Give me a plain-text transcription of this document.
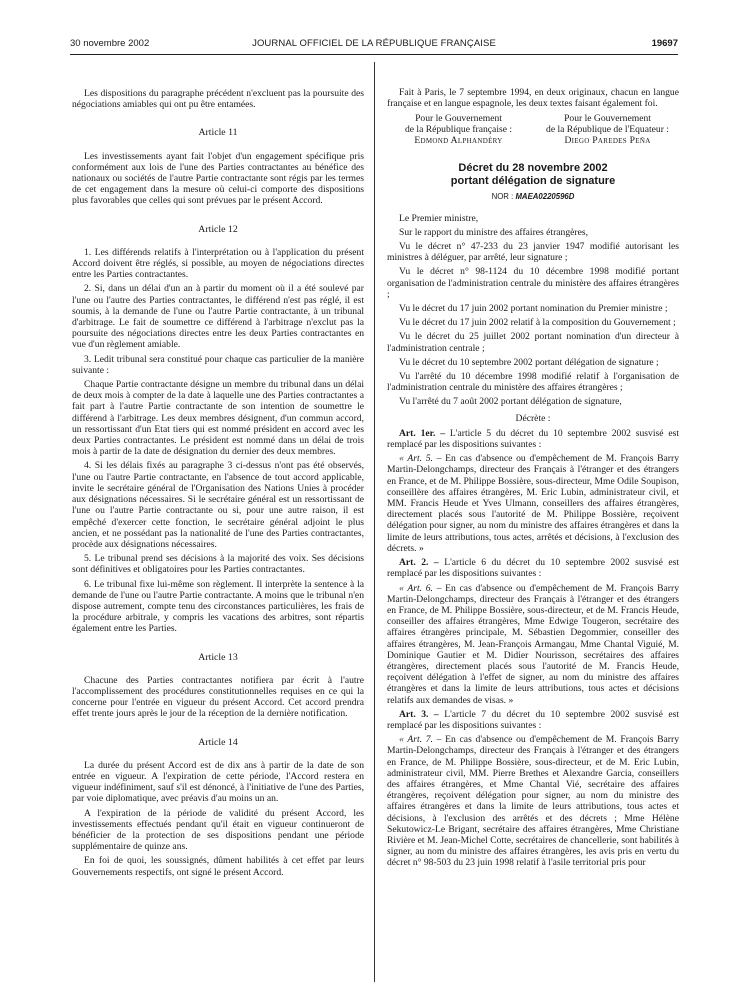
30 novembre 2002	JOURNAL OFFICIEL DE LA RÉPUBLIQUE FRANÇAISE	19697

Les dispositions du paragraphe précédent n'excluent pas la poursuite des négociations amiables qui ont pu être entamées.

Article 11

Les investissements ayant fait l'objet d'un engagement spécifique pris conformément aux lois de l'une des Parties contractantes au bénéfice des nationaux ou sociétés de l'autre Partie contractante sont régis par les termes de cet engagement dans la mesure où celui-ci comporte des dispositions plus favorables que celles qui sont prévues par le présent Accord.

Article 12

1. Les différends relatifs à l'interprétation ou à l'application du présent Accord doivent être réglés, si possible, au moyen de négociations directes entre les Parties contractantes.

2. Si, dans un délai d'un an à partir du moment où il a été soulevé par l'une ou l'autre des Parties contractantes, le différend n'est pas réglé, il est soumis, à la demande de l'une ou l'autre Partie contractante, à un tribunal d'arbitrage. Le fait de soumettre ce différend à l'arbitrage n'exclut pas la poursuite des négociations directes entre les deux Parties contractantes en vue d'un règlement amiable.

3. Ledit tribunal sera constitué pour chaque cas particulier de la manière suivante :

Chaque Partie contractante désigne un membre du tribunal dans un délai de deux mois à compter de la date à laquelle une des Parties contractantes a fait part à l'autre Partie contractante de son intention de soumettre le différend à l'arbitrage. Les deux membres désignent, d'un commun accord, un ressortissant d'un Etat tiers qui est nommé président en accord avec les deux Parties contractantes. Le président est nommé dans un délai de trois mois à partir de la date de désignation du dernier des deux membres.

4. Si les délais fixés au paragraphe 3 ci-dessus n'ont pas été observés, l'une ou l'autre Partie contractante, en l'absence de tout accord applicable, invite le secrétaire général de l'Organisation des Nations Unies à procéder aux désignations nécessaires. Si le secrétaire général est un ressortissant de l'une ou l'autre Partie contractante ou si, pour une autre raison, il est empêché d'exercer cette fonction, le secrétaire général adjoint le plus ancien, et ne possédant pas la nationalité de l'une des Parties contractantes, procède aux désignations nécessaires.

5. Le tribunal prend ses décisions à la majorité des voix. Ses décisions sont définitives et obligatoires pour les Parties contractantes.

6. Le tribunal fixe lui-même son règlement. Il interprète la sentence à la demande de l'une ou l'autre Partie contractante. A moins que le tribunal n'en dispose autrement, compte tenu des circonstances particulières, les frais de la procédure arbitrale, y compris les vacations des arbitres, sont répartis également entre les Parties.

Article 13

Chacune des Parties contractantes notifiera par écrit à l'autre l'accomplissement des procédures constitutionnelles requises en ce qui la concerne pour l'entrée en vigueur du présent Accord. Cet accord prendra effet trente jours après le jour de la réception de la dernière notification.

Article 14

La durée du présent Accord est de dix ans à partir de la date de son entrée en vigueur. A l'expiration de cette période, l'Accord restera en vigueur indéfiniment, sauf s'il est dénoncé, à l'initiative de l'une des Parties, par voie diplomatique, avec préavis d'au moins un an.

A l'expiration de la période de validité du présent Accord, les investissements effectués pendant qu'il était en vigueur continueront de bénéficier de la protection de ses dispositions pendant une période supplémentaire de quinze ans.

En foi de quoi, les soussignés, dûment habilités à cet effet par leurs Gouvernements respectifs, ont signé le présent Accord.

Fait à Paris, le 7 septembre 1994, en deux originaux, chacun en langue française et en langue espagnole, les deux textes faisant également foi.

Pour le Gouvernement
de la République française :
Edmond Alphandéry
Pour le Gouvernement
de la République de l'Equateur :
Diego Paredes Peña
Décret du 28 novembre 2002
portant délégation de signature
NOR : MAEA0220596D

Le Premier ministre,

Sur le rapport du ministre des affaires étrangères,

Vu le décret n° 47-233 du 23 janvier 1947 modifié autorisant les ministres à déléguer, par arrêté, leur signature ;

Vu le décret n° 98-1124 du 10 décembre 1998 modifié portant organisation de l'administration centrale du ministère des affaires étrangères ;

Vu le décret du 17 juin 2002 portant nomination du Premier ministre ;

Vu le décret du 17 juin 2002 relatif à la composition du Gouvernement ;

Vu le décret du 25 juillet 2002 portant nomination d'un directeur à l'administration centrale ;

Vu le décret du 10 septembre 2002 portant délégation de signature ;

Vu l'arrêté du 10 décembre 1998 modifié relatif à l'organisation de l'administration centrale du ministère des affaires étrangères ;

Vu l'arrêté du 7 août 2002 portant délégation de signature,

Décrète :

Art. 1er. – L'article 5 du décret du 10 septembre 2002 susvisé est remplacé par les dispositions suivantes :

« Art. 5. – En cas d'absence ou d'empêchement de M. François Barry Martin-Delongchamps, directeur des Français à l'étranger et des étrangers en France, et de M. Philippe Bossière, sous-directeur, Mme Odile Soupison, conseillère des affaires étrangères, M. Eric Lubin, administrateur civil, et MM. Francis Heude et Yves Ulmann, conseillers des affaires étrangères, directement placés sous l'autorité de M. Philippe Bossière, reçoivent délégation pour signer, au nom du ministre des affaires étrangères et dans la limite de leurs attributions, tous actes, arrêtés et décisions, à l'exclusion des décrets. »

Art. 2. – L'article 6 du décret du 10 septembre 2002 susvisé est remplacé par les dispositions suivantes :

« Art. 6. – En cas d'absence ou d'empêchement de M. François Barry Martin-Delongchamps, directeur des Français à l'étranger et des étrangers en France, de M. Philippe Bossière, sous-directeur, et de M. Francis Heude, conseiller des affaires étrangères, Mme Edwige Tougeron, secrétaire des affaires étrangères principale, M. Sébastien Degommier, conseiller des affaires étrangères, M. Jean-François Armangau, Mme Chantal Viguié, M. Dominique Gautier et M. Didier Nourisson, secrétaires des affaires étrangères, directement placés sous l'autorité de M. Francis Heude, reçoivent délégation à l'effet de signer, au nom du ministre des affaires étrangères et dans la limite de leurs attributions, tous actes et décisions relatifs aux demandes de visas. »

Art. 3. – L'article 7 du décret du 10 septembre 2002 susvisé est remplacé par les dispositions suivantes :

« Art. 7. – En cas d'absence ou d'empêchement de M. François Barry Martin-Delongchamps, directeur des Français à l'étranger et des étrangers en France, de M. Philippe Bossière, sous-directeur, et de M. Eric Lubin, administrateur civil, MM. Pierre Brethes et Alexandre Garcia, conseillers des affaires étrangères, et Mme Chantal Vié, secrétaire des affaires étrangères, reçoivent délégation pour signer, au nom du ministre des affaires étrangères et dans la limite de leurs attributions, tous actes et décisions, à l'exclusion des arrêtés et des décrets ; Mme Hélène Sekutowicz-Le Brigant, secrétaire des affaires étrangères, Mme Christiane Rivière et M. Jean-Michel Cotte, secrétaires de chancellerie, sont habilités à signer, au nom du ministre des affaires étrangères, les avis pris en vertu du décret n° 98-503 du 23 juin 1998 relatif à l'asile territorial pris pour
